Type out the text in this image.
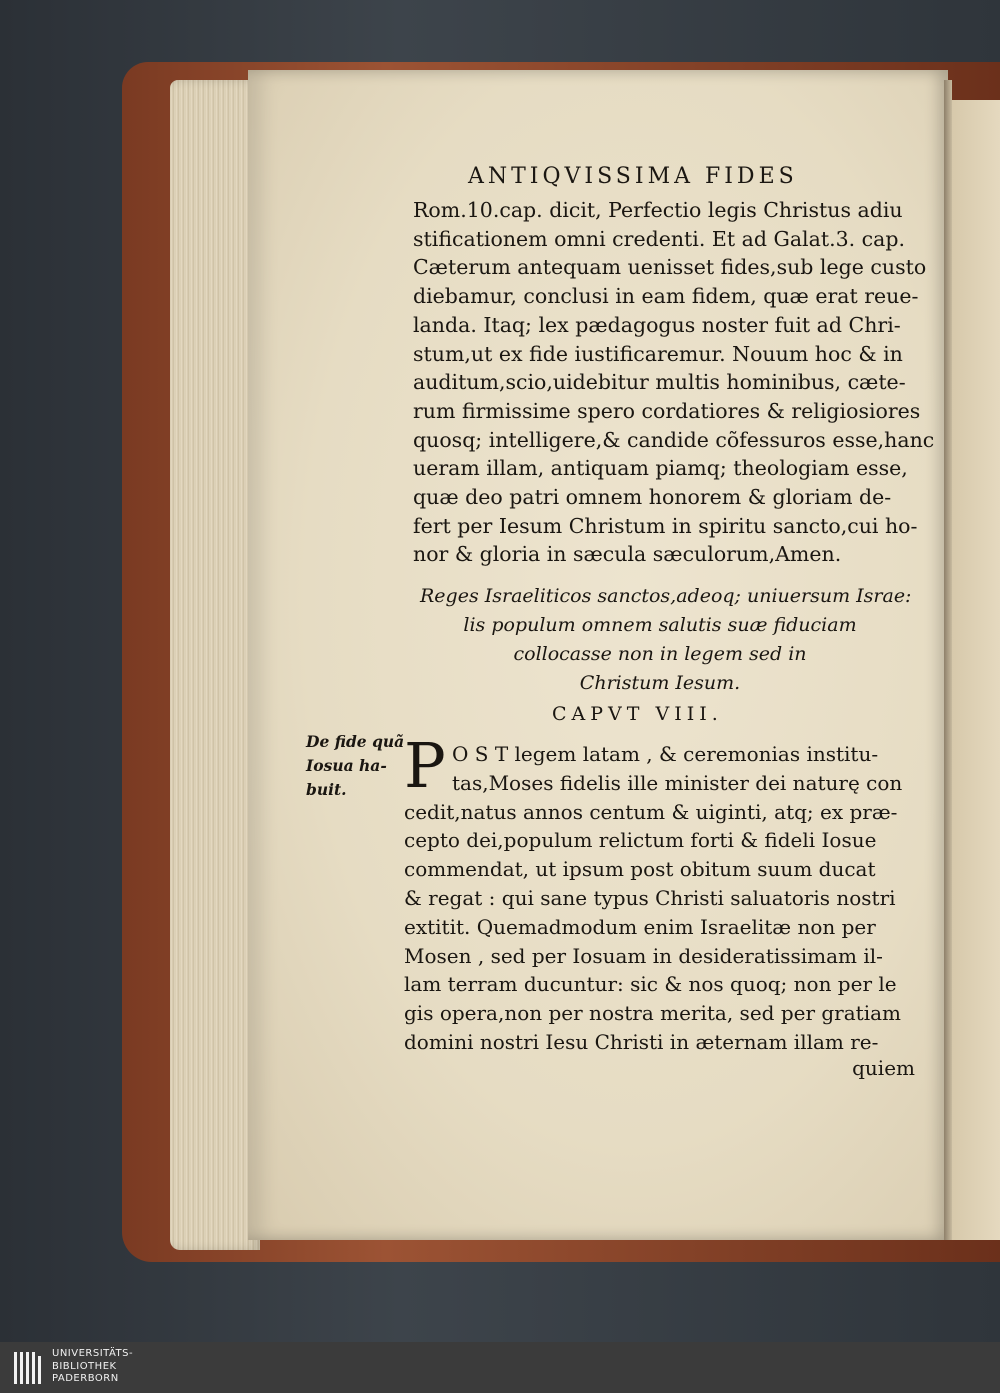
ANTIQVISSIMA FIDES
Rom.10.cap. dicit, Perfectio legis Christus adiu
stificationem omni credenti. Et ad Galat.3. cap.
Cæterum antequam uenisset fides,sub lege custo
diebamur, conclusi in eam fidem, quæ erat reue-
landa. Itaq; lex pædagogus noster fuit ad Chri-
stum,ut ex fide iustificaremur. Nouum hoc & in
auditum,scio,uidebitur multis hominibus, cæte-
rum firmissime spero cordatiores & religiosiores
quosq; intelligere,& candide cõfessuros esse,hanc
ueram illam, antiquam piamq; theologiam esse,
quæ deo patri omnem honorem & gloriam de-
fert per Iesum Christum in spiritu sancto,cui ho-
nor & gloria in sæcula sæculorum,Amen.
Reges Israeliticos sanctos,adeoq; uniuersum Israe:
lis populum omnem salutis suæ fiduciam
collocasse non in legem sed in
Christum Iesum.
CAPVT VIII.
De fide quã
Iosua ha-
buit. P O S T legem latam , & ceremonias institu-
tas,Moses fidelis ille minister dei naturę con
cedit,natus annos centum & uiginti, atq; ex præ-
cepto dei,populum relictum forti & fideli Iosue
commendat, ut ipsum post obitum suum ducat
& regat : qui sane typus Christi saluatoris nostri
extitit. Quemadmodum enim Israelitæ non per
Mosen , sed per Iosuam in desideratissimam il-
lam terram ducuntur: sic & nos quoq; non per le
gis opera,non per nostra merita, sed per gratiam
domini nostri Iesu Christi in æternam illam re-
quiem
UNIVERSITÄTS-
BIBLIOTHEK
PADERBORN
